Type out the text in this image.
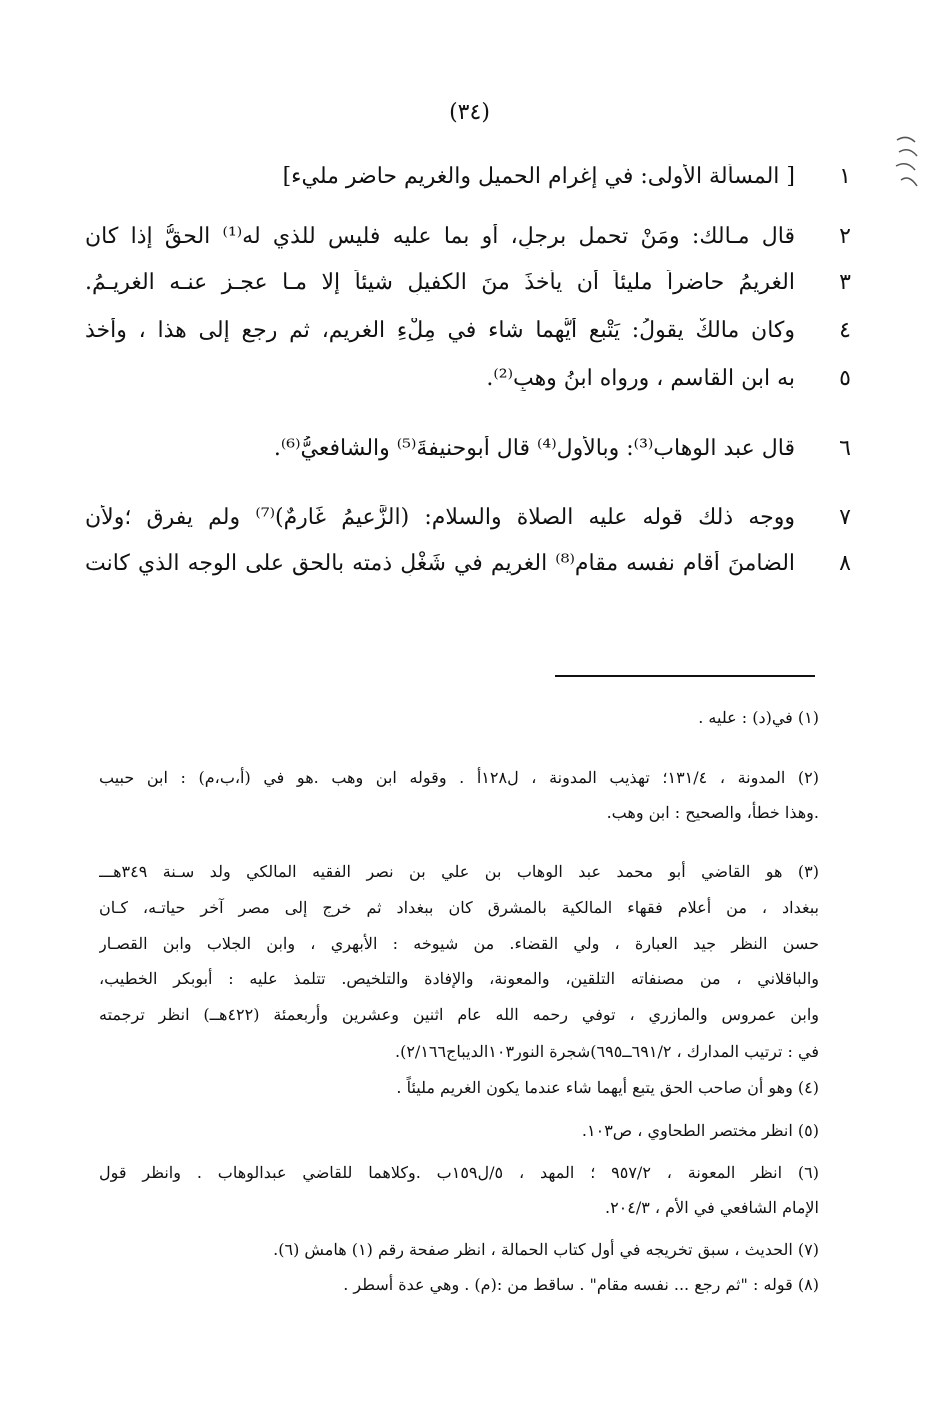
(٣٤)
١
[ المسألة الأولى: في إغرام الحميل والغريم حاضر مليء]
٢
قال مـالك: ومَنْ تحمل برجلٍ، أو بما عليه فليس للذي له⁽¹⁾ الحقُّ إذا كان
٣
الغريمُ حاضراً مليئاً أن يأخذَ منَ الكفيلِ شيئاً إلا مـا عجـز عنـه الغريـمُ.
٤
وكان مالكٌ يقولُ: يَتْبع أَيُّهما شاء في مِلْءِ الغريم، ثم رجع إلى هذا ، وأخذ
٥
به ابن القاسم ، ورواه ابنُ وهبٍ⁽²⁾.
٦
قال عبد الوهاب⁽³⁾: وبالأول⁽⁴⁾ قال أبوحنيفةَ⁽⁵⁾ والشافعيُّ⁽⁶⁾.
٧
ووجه ذلك قوله عليه الصلاة والسلام: (الزَّعيمُ غَارِمٌ)⁽⁷⁾ ولم يفرق ؛ولأن
٨
الضامنَ أقام نفسه مقام⁽⁸⁾ الغريمِ في شَغْلِ ذمته بالحق على الوجه الذي كانت
(١) في(د) : عليه .
(٢) المدونة ، ١٣١/٤؛ تهذيب المدونة ، ل١٢٨أ . وقوله ابن وهب .هو في (أ،ب،م) : ابن حبيب
.وهذا خطأ، والصحيح : ابن وهب.
(٣) هو القاضي أبو محمد عبد الوهاب بن علي بن نصر الفقيه المالكي ولد سـنة ٣٤٩هـــ
ببغداد ، من أعلام فقهاء المالكية بالمشرق كان ببغداد ثم خرج إلى مصر آخر حياتـه، كـان
حسن النظر جيد العبارة ، ولي القضاء. من شيوخه : الأبهري ، وابن الجلاب وابن القصـار
والباقلاني ، من مصنفاته التلقين، والمعونة، والإفادة والتلخيص. تتلمذ عليه : أبوبكر الخطيب،
وابن عمروس والمازري ، توفي رحمه الله عام اثنين وعشرين وأربعمئة (٤٢٢هــ) انظر ترجمته
في : ترتيب المدارك ، ٦٩١/٢ــ٦٩٥)شجرة النور١٠٣الديباج٢/١٦٦).
(٤) وهو أن صاحب الحق يتبع أيهما شاء عندما يكون الغريم مليئاً .
(٥) انظر مختصر الطحاوي ، ص١٠٣.
(٦) انظر المعونة ، ٩٥٧/٢ ؛ المهد ، ٥/ل١٥٩ب .وكلاهما للقاضي عبدالوهاب . وانظر قول
الإمام الشافعي في الأم ، ٢٠٤/٣.
(٧) الحديث ، سبق تخريجه في أول كتاب الحمالة ، انظر صفحة رقم (١) هامش (٦).
(٨) قوله : "ثم رجع ... نفسه مقام" . ساقط من :(م) . وهي عدة أسطر .
